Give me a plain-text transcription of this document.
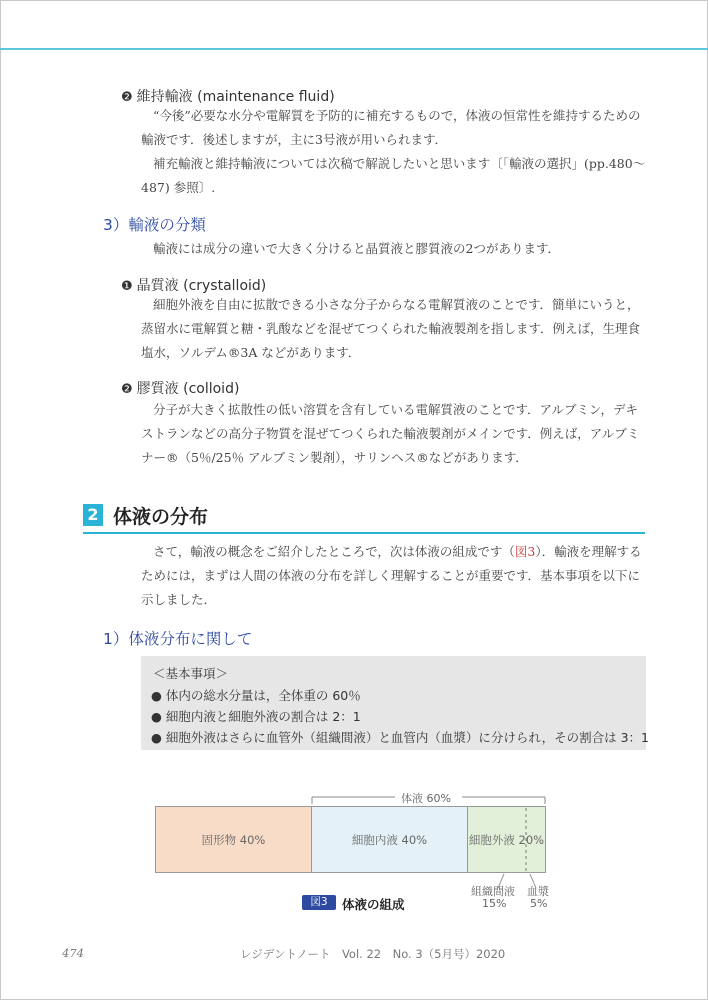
❷ 維持輸液 (maintenance fluid)
“今後”必要な水分や電解質を予防的に補充するもので，体液の恒常性を維持するための
輸液です．後述しますが，主に3号液が用いられます．
補充輸液と維持輸液については次稿で解説したいと思います〔「輸液の選択」(pp.480～
487) 参照〕.
3）輸液の分類
輸液には成分の違いで大きく分けると晶質液と膠質液の2つがあります．
❶ 晶質液 (crystalloid)
細胞外液を自由に拡散できる小さな分子からなる電解質液のことです．簡単にいうと，
蒸留水に電解質と糖・乳酸などを混ぜてつくられた輸液製剤を指します．例えば，生理食
塩水，ソルデム®3A などがあります．
❷ 膠質液 (colloid)
分子が大きく拡散性の低い溶質を含有している電解質液のことです．アルブミン，デキ
ストランなどの高分子物質を混ぜてつくられた輸液製剤がメインです．例えば，アルブミ
ナー®（5％/25％ アルブミン製剤），サリンヘス®などがあります．
2 体液の分布
さて，輸液の概念をご紹介したところで，次は体液の組成です（図3）．輸液を理解する
ためには，まずは人間の体液の分布を詳しく理解することが重要です．基本事項を以下に
示しました．
1）体液分布に関して
＜基本事項＞
● 体内の総水分量は，全体重の 60％
● 細胞内液と細胞外液の割合は 2：1
● 細胞外液はさらに血管外（組織間液）と血管内（血漿）に分けられ，その割合は 3：1
体液 60%
固形物 40%	細胞内液 40%	細胞外液 20%
組織間液
15%
血漿
5%
図3	体液の組成
474	レジデントノート　Vol. 22　No. 3（5月号）2020
